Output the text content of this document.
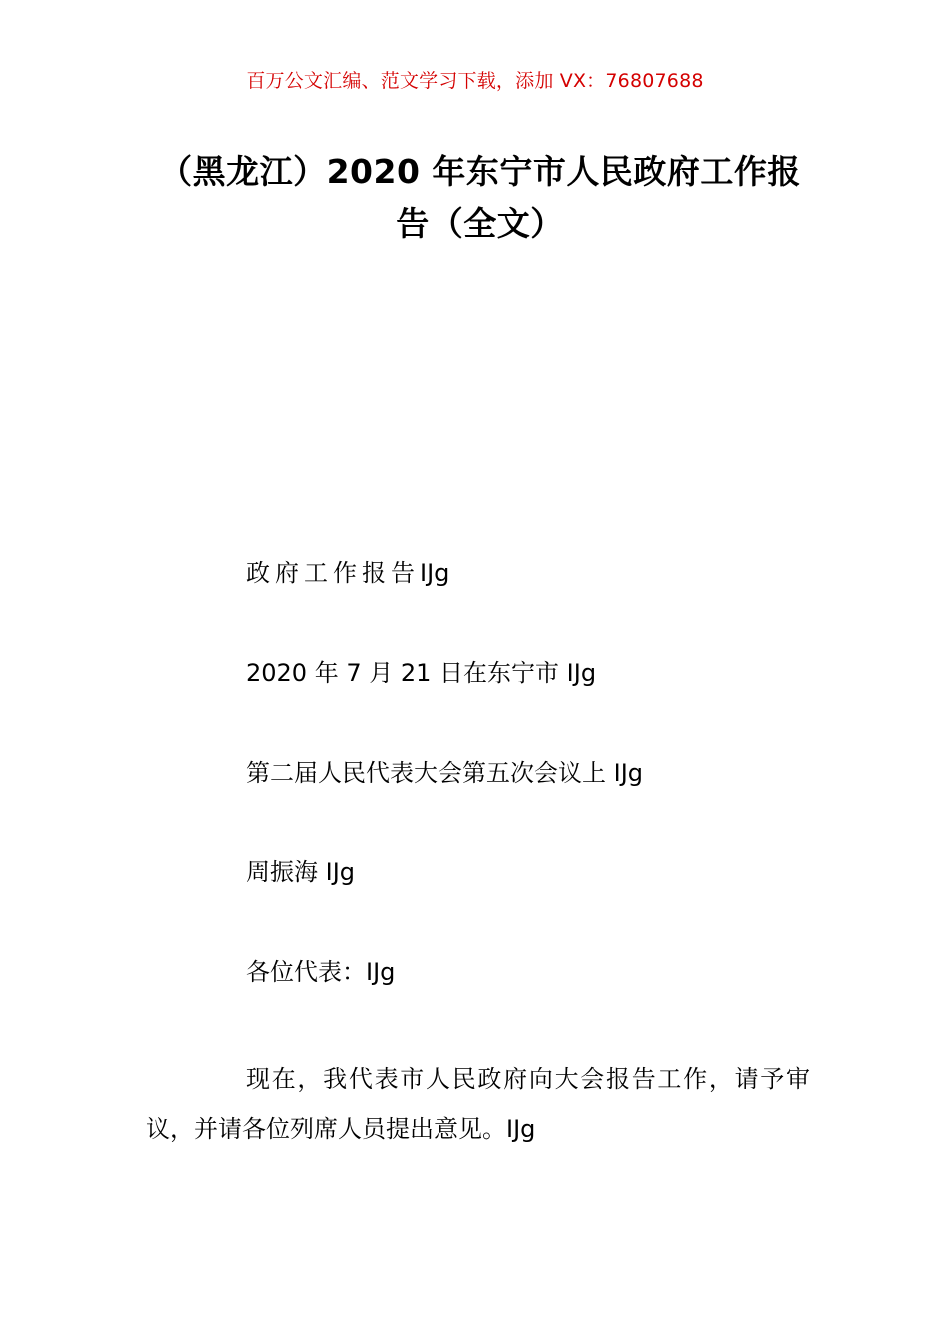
百万公文汇编、范文学习下载，添加 VX：76807688
（黑龙江）2020 年东宁市人民政府工作报告（全文）
政府工作报告IJg
2020 年 7 月 21 日在东宁市 IJg
第二届人民代表大会第五次会议上 IJg
周振海 IJg
各位代表：IJg
现在，我代表市人民政府向大会报告工作，请予审议，并请各位列席人员提出意见。IJg
